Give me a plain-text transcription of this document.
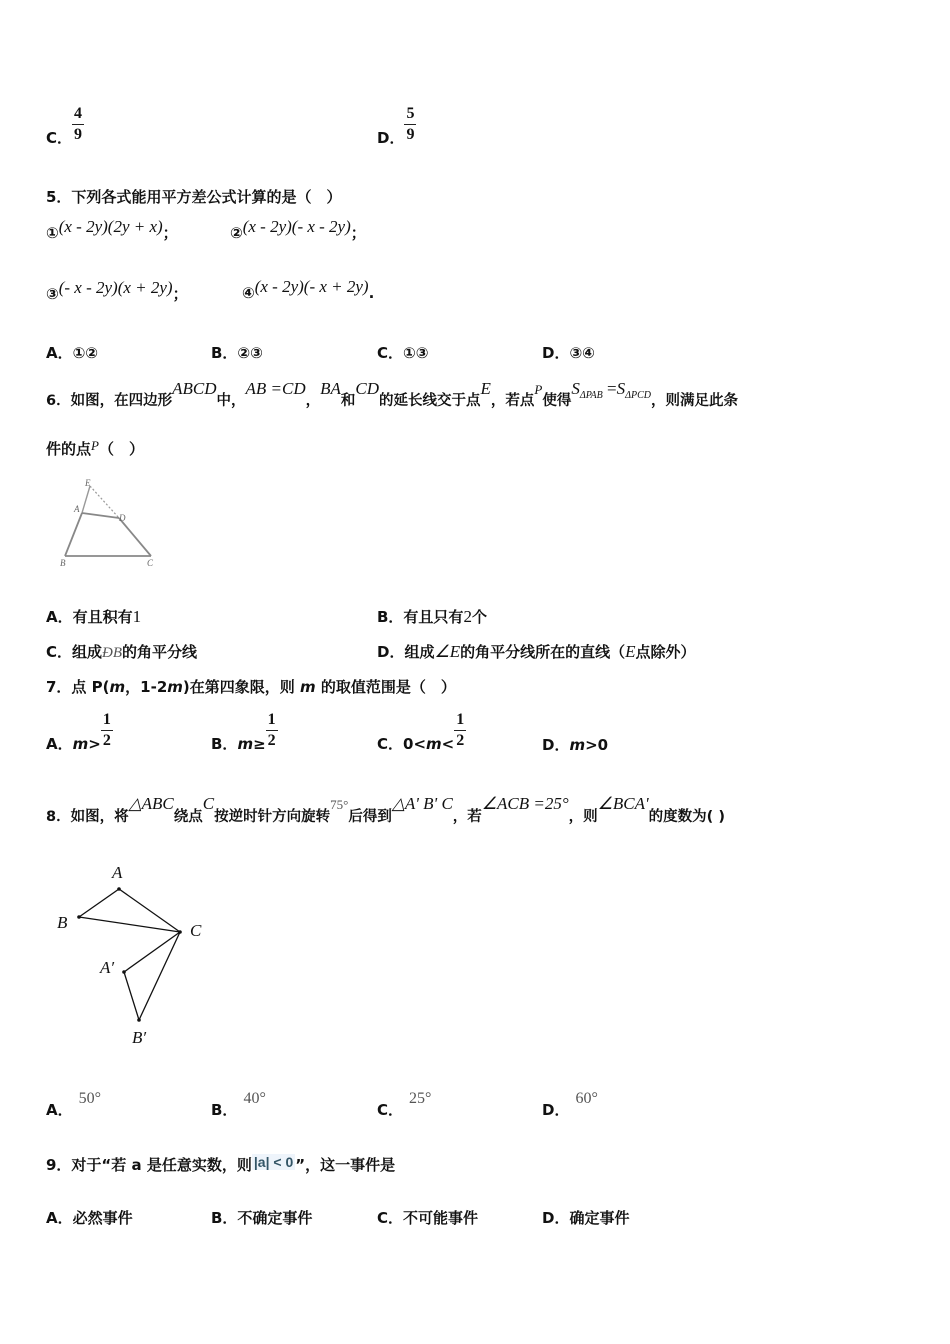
C． $\frac{4}{9}$	D． $\frac{5}{9}$
5．下列各式能用平方差公式计算的是（　）
①(x - 2y)(2y + x)；	②(x - 2y)(- x - 2y)；
③(- x - 2y)(x + 2y)；	④(x - 2y)(- x + 2y).
A．①②	B．②③	C．①③	D．③④
6．如图，在四边形ABCD中，AB =CD，BA和CD的延长线交于点E，若点P使得$S_{\Delta PAB} =S_{\Delta PCD}$，则满足此条
件的点P（　）
E
A
D
B	C
A．有且积有1	B．有且只有2个
C．组成ÐB的角平分线	D．组成∠E的角平分线所在的直线（E点除外）
7．点 P(m，1-2m)在第四象限，则 m 的取值范围是（　）
A．$m> \frac{1}{2}$	B．$m\ge \frac{1}{2}$	C．$0<m< \frac{1}{2}$	D．m>0
8．如图，将△ABC绕点C按逆时针方向旋转75°后得到△A' B' C，若∠ACB =25°，则∠BCA'的度数为( )
A
B	C
A′
B′
A．50°
B．40°
C．25°
D．60°
9．对于“若 a 是任意实数，则 |a| < 0 ”，这一事件是
A．必然事件	B．不确定事件	C．不可能事件	D．确定事件
